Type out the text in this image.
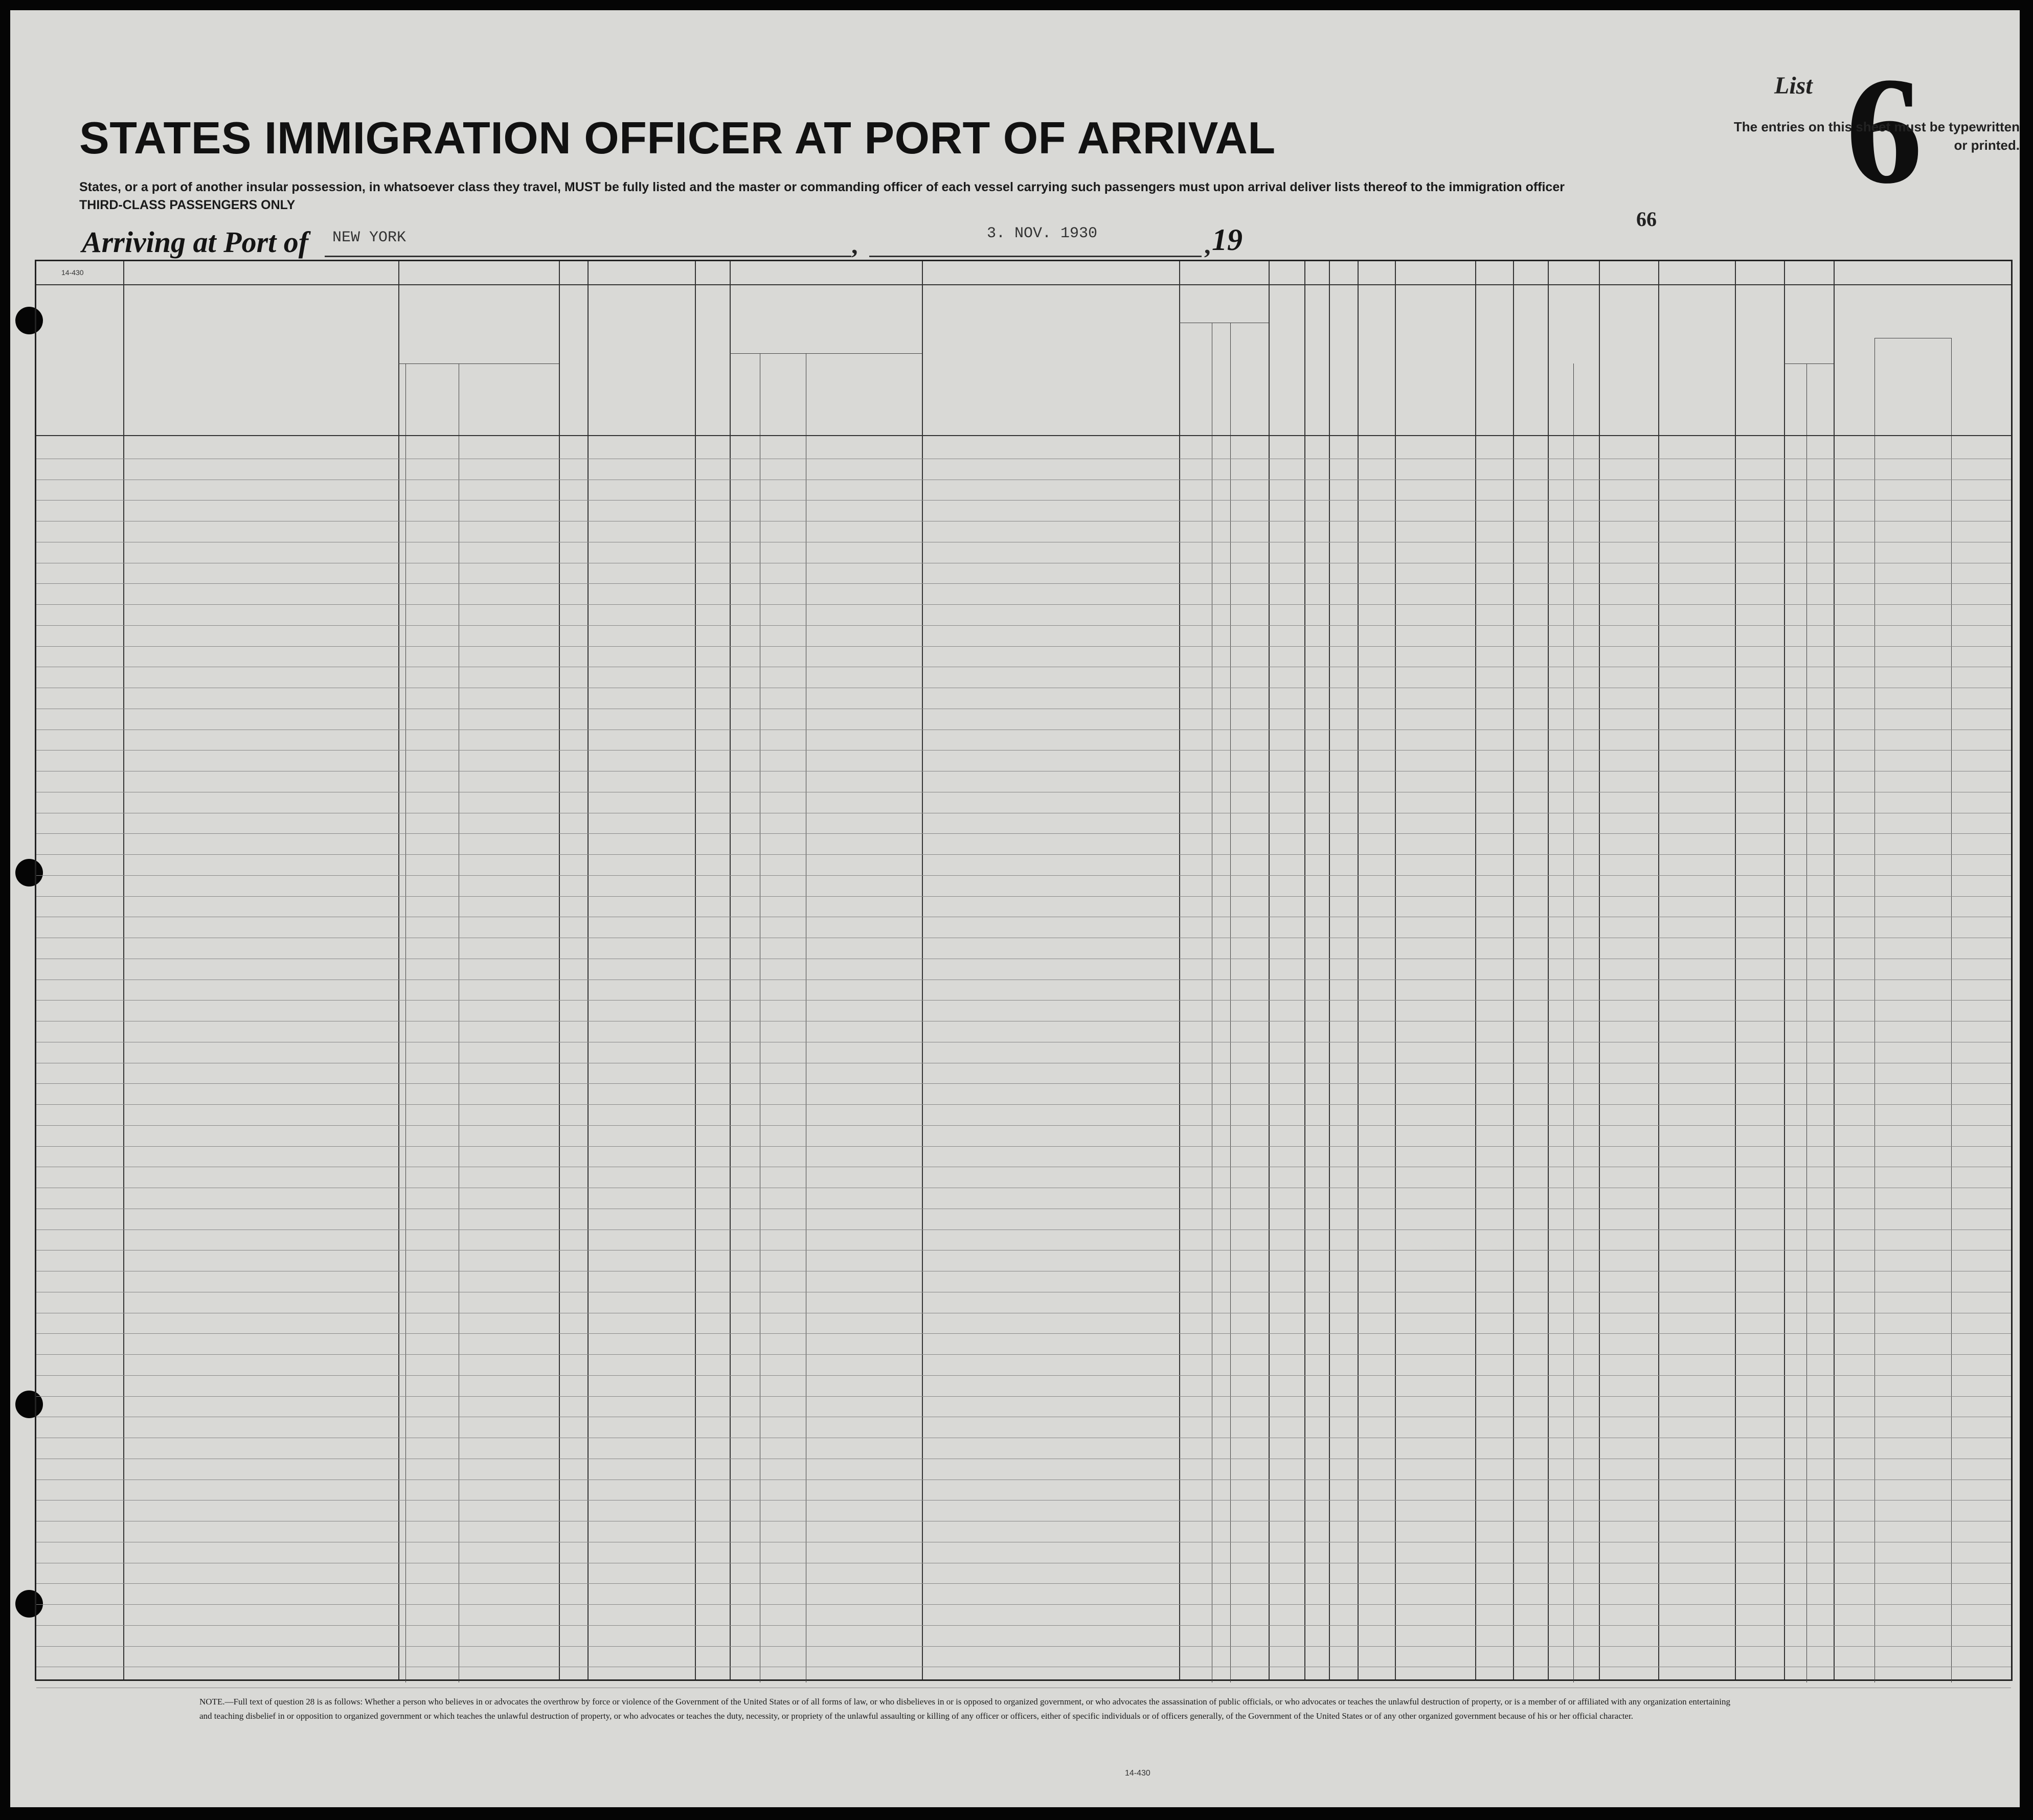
List 6
The entries on this sheet must be typewritten or printed.
STATES IMMIGRATION OFFICER AT PORT OF ARRIVAL
States, or a port of another insular possession, in whatsoever class they travel, MUST be fully listed and the master or commanding officer of each vessel carrying such passengers must upon arrival deliver lists thereof to the immigration officer
THIRD-CLASS PASSENGERS ONLY
Arriving at Port of NEW YORK	,	3. NOV. 1930	, 19
66
14-430
NOTE.—Full text of question 28 is as follows: Whether a person who believes in or advocates the overthrow by force or violence of the Government of the United States or of all forms of law, or who disbelieves in or is opposed to organized government, or who advocates the assassination of public officials, or who advocates or teaches the unlawful destruction of property, or is a member of or affiliated with any organization entertaining and teaching disbelief in or opposition to organized government or which teaches the unlawful destruction of property, or who advocates or teaches the duty, necessity, or propriety of the unlawful assaulting or killing of any officer or officers, either of specific individuals or of officers generally, of the Government of the United States or of any other organized government because of his or her official character.
14-430
